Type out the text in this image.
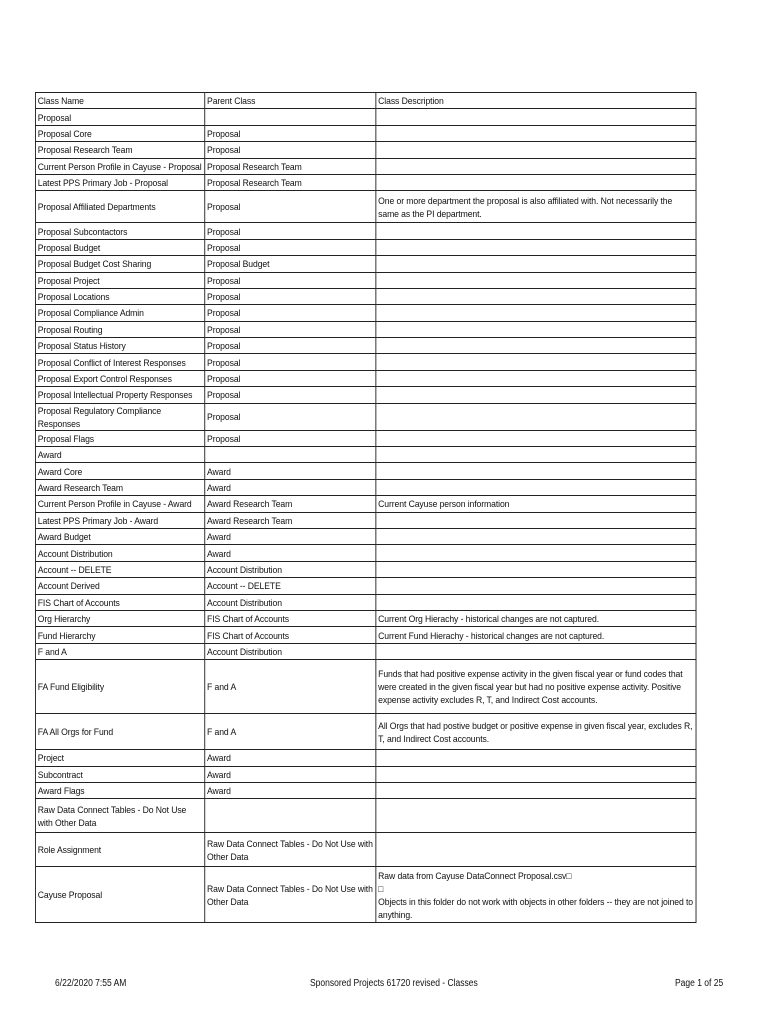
Class Name	Parent Class	Class Description
Proposal		
Proposal Core	Proposal	
Proposal Research Team	Proposal	
Current Person Profile in Cayuse - Proposal	Proposal Research Team	
Latest PPS Primary Job - Proposal	Proposal Research Team	
Proposal Affiliated Departments	Proposal	One or more department the proposal is also affiliated with. Not necessarily the same as the PI department.
Proposal Subcontactors	Proposal	
Proposal Budget	Proposal	
Proposal Budget Cost Sharing	Proposal Budget	
Proposal Project	Proposal	
Proposal Locations	Proposal	
Proposal Compliance Admin	Proposal	
Proposal Routing	Proposal	
Proposal Status History	Proposal	
Proposal Conflict of Interest Responses	Proposal	
Proposal Export Control Responses	Proposal	
Proposal Intellectual Property Responses	Proposal	
Proposal Regulatory Compliance Responses	Proposal	
Proposal Flags	Proposal	
Award		
Award Core	Award	
Award Research Team	Award	
Current Person Profile in Cayuse - Award	Award Research Team	Current Cayuse person information
Latest PPS Primary Job - Award	Award Research Team	
Award Budget	Award	
Account Distribution	Award	
Account -- DELETE	Account Distribution	
Account Derived	Account -- DELETE	
FIS Chart of Accounts	Account Distribution	
Org Hierarchy	FIS Chart of Accounts	Current Org Hierachy - historical changes are not captured.
Fund Hierarchy	FIS Chart of Accounts	Current Fund Hierachy - historical changes are not captured.
F and A	Account Distribution	
FA Fund Eligibility	F and A	Funds that had positive expense activity in the given fiscal year or fund codes that were created in the given fiscal year but had no positive expense activity. Positive expense activity excludes R, T, and Indirect Cost accounts.
FA All Orgs for Fund	F and A	All Orgs that had postive budget or positive expense in given fiscal year, excludes R, T, and Indirect Cost accounts.
Project	Award	
Subcontract	Award	
Award Flags	Award	
Raw Data Connect Tables - Do Not Use with Other Data		
Role Assignment	Raw Data Connect Tables - Do Not Use with Other Data	
Cayuse Proposal	Raw Data Connect Tables - Do Not Use with Other Data	Raw data from Cayuse DataConnect Proposal.csv□
□
Objects in this folder do not work with objects in other folders -- they are not joined to anything.
6/22/2020 7:55 AM	Sponsored Projects 61720 revised - Classes	Page 1 of 25
